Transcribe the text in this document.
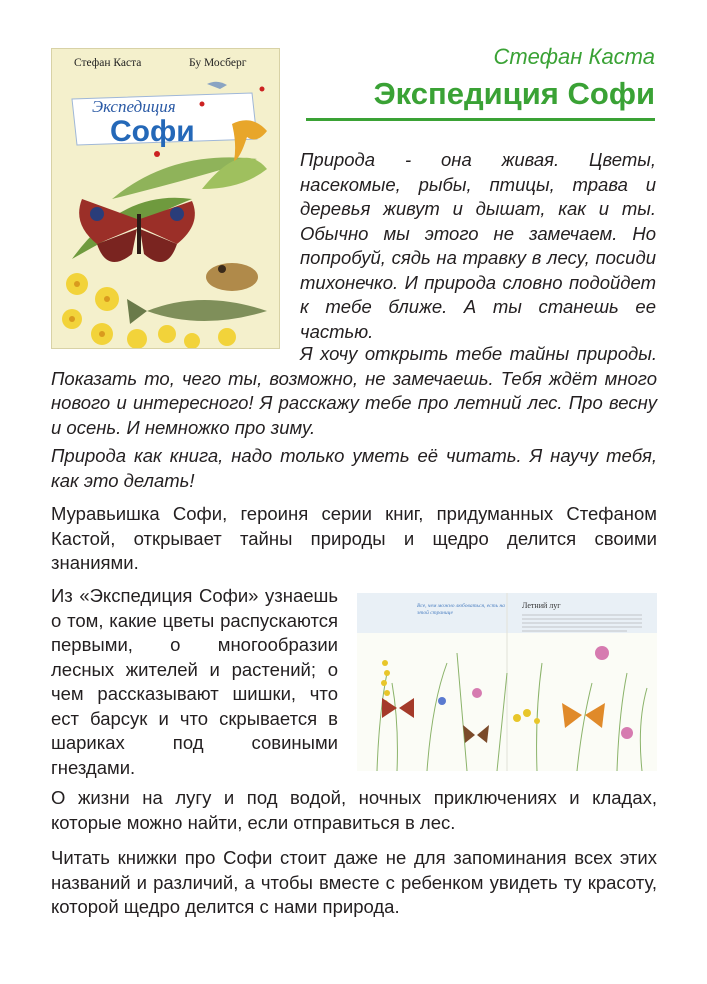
Стефан Каста
Экспедиция Софи
Стефан Каста	Бу Мосберг
Экспедиция
Софи

Природа - она живая. Цветы, насекомые, рыбы, птицы, трава и деревья живут и дышат, как и ты. Обычно мы этого не замечаем. Но попробуй, сядь на травку в лесу, посиди тихонечко. И природа словно подойдет к тебе ближе. А ты станешь ее частью.

Я хочу открыть тебе тайны природы. Показать то, чего ты, возможно, не замечаешь. Тебя ждёт много нового и интересного! Я расскажу тебе про летний лес. Про весну и осень. И немножко про зиму.

Природа как книга, надо только уметь её читать. Я научу тебя, как это делать!

Муравьишка Софи, героиня серии книг, придуманных Стефаном Кастой, открывает тайны природы и щедро делится своими знаниями.

Из «Экспедиция Софи» узнаешь о том, какие цветы распускаются первыми, о многообразии лесных жителей и растений; о чем рассказывают шишки, что ест барсук и что скрывается в шариках под совиными гнездами.

О жизни на лугу и под водой, ночных приключениях и кладах, которые можно найти, если отправиться в лес.

Читать книжки про Софи стоит даже не для запоминания всех этих названий и различий, а чтобы вместе с ребенком увидеть ту красоту, которой щедро делится с нами природа.

Летний луг
Все, чем можно любоваться, есть на этой странице
